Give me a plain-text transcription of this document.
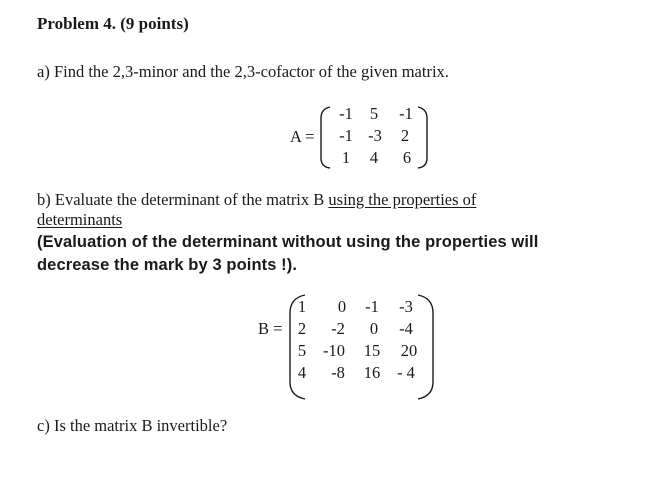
Problem 4. (9 points)
a) Find the 2,3-minor and the 2,3-cofactor of the given matrix.
A =
-1	5	-1
-1 -3	2
1	4	6
b) Evaluate the determinant of the matrix B using the properties of
determinants
(Evaluation of the determinant without using the properties will
decrease the mark by 3 points !).
B =
1	0	-1	-3
2	-2	0	-4
5	-10	15	20
4	-8	16	- 4
c) Is the matrix B invertible?
